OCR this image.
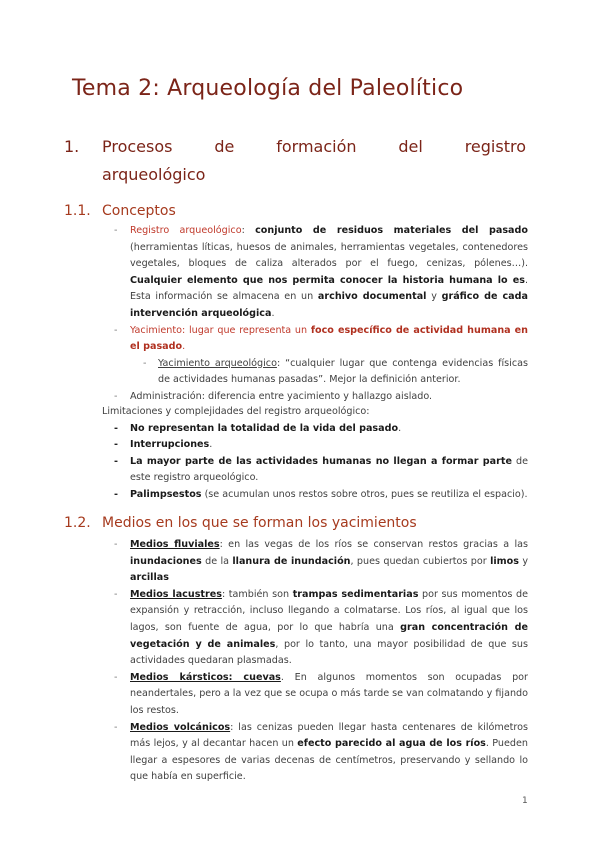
Tema 2: Arqueología del Paleolítico
1. Procesos de formación del registro
arqueológico
1.1. Conceptos
- Registro arqueológico: conjunto de residuos materiales del pasado (herramientas líticas, huesos de animales, herramientas vegetales, contenedores vegetales, bloques de caliza alterados por el fuego, cenizas, pólenes…). Cualquier elemento que nos permita conocer la historia humana lo es. Esta información se almacena en un archivo documental y gráfico de cada intervención arqueológica.
- Yacimiento: lugar que representa un foco específico de actividad humana en el pasado.
- Yacimiento arqueológico: “cualquier lugar que contenga evidencias físicas de actividades humanas pasadas”. Mejor la definición anterior.
- Administración: diferencia entre yacimiento y hallazgo aislado.
Limitaciones y complejidades del registro arqueológico:
- No representan la totalidad de la vida del pasado.
- Interrupciones.
- La mayor parte de las actividades humanas no llegan a formar parte de este registro arqueológico.
- Palimpsestos (se acumulan unos restos sobre otros, pues se reutiliza el espacio).
1.2. Medios en los que se forman los yacimientos
- Medios fluviales: en las vegas de los ríos se conservan restos gracias a las inundaciones de la llanura de inundación, pues quedan cubiertos por limos y arcillas
- Medios lacustres: también son trampas sedimentarias por sus momentos de expansión y retracción, incluso llegando a colmatarse. Los ríos, al igual que los lagos, son fuente de agua, por lo que habría una gran concentración de vegetación y de animales, por lo tanto, una mayor posibilidad de que sus actividades quedaran plasmadas.
- Medios kársticos: cuevas. En algunos momentos son ocupadas por neandertales, pero a la vez que se ocupa o más tarde se van colmatando y fijando los restos.
- Medios volcánicos: las cenizas pueden llegar hasta centenares de kilómetros más lejos, y al decantar hacen un efecto parecido al agua de los ríos. Pueden llegar a espesores de varias decenas de centímetros, preservando y sellando lo que había en superficie.
1
